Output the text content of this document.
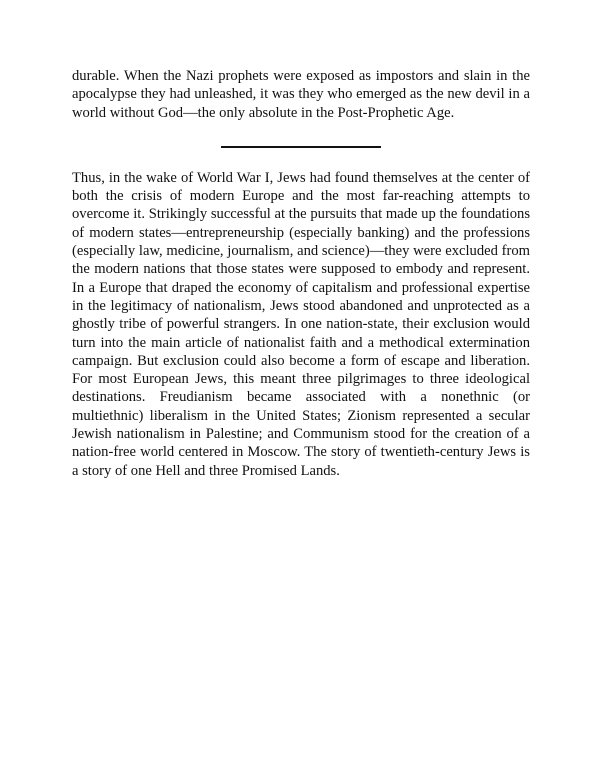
durable. When the Nazi prophets were exposed as impostors and slain in the apocalypse they had unleashed, it was they who emerged as the new devil in a world without God—the only absolute in the Post-Prophetic Age.

Thus, in the wake of World War I, Jews had found themselves at the center of both the crisis of modern Europe and the most far-reaching attempts to overcome it. Strikingly successful at the pursuits that made up the foundations of modern states—entrepreneurship (especially banking) and the professions (especially law, medicine, journalism, and science)—they were excluded from the modern nations that those states were supposed to embody and represent. In a Europe that draped the economy of capitalism and professional expertise in the legitimacy of nationalism, Jews stood abandoned and unprotected as a ghostly tribe of powerful strangers. In one nation-state, their exclusion would turn into the main article of nationalist faith and a methodical extermination campaign. But exclusion could also become a form of escape and liberation. For most European Jews, this meant three pilgrimages to three ideological destinations. Freudianism became associated with a nonethnic (or multiethnic) liberalism in the United States; Zionism represented a secular Jewish nationalism in Palestine; and Communism stood for the creation of a nation-free world centered in Moscow. The story of twentieth-century Jews is a story of one Hell and three Promised Lands.
